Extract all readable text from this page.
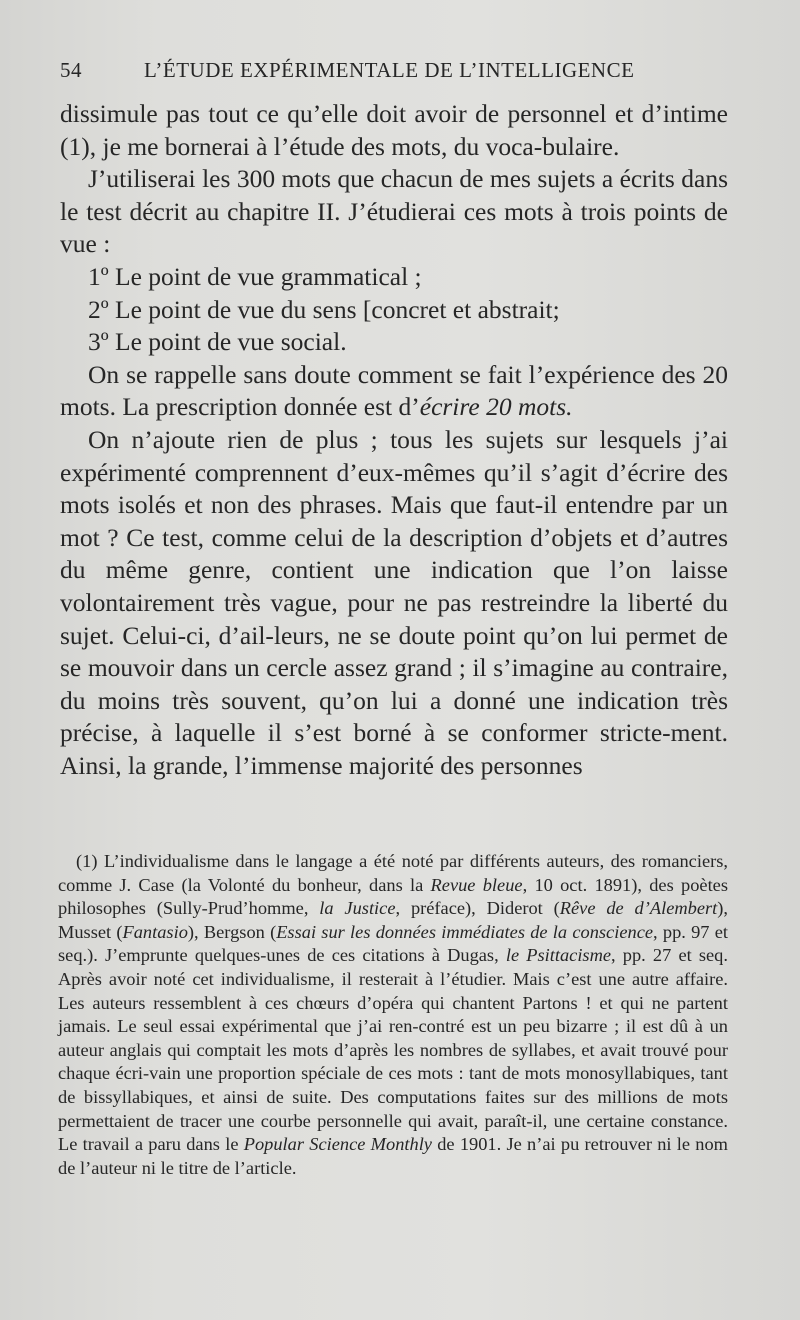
54	L’ÉTUDE EXPÉRIMENTALE DE L’INTELLIGENCE

dissimule pas tout ce qu’elle doit avoir de personnel et d’intime (1), je me bornerai à l’étude des mots, du voca-bulaire.

J’utiliserai les 300 mots que chacun de mes sujets a écrits dans le test décrit au chapitre II. J’étudierai ces mots à trois points de vue :

1º Le point de vue grammatical ;

2º Le point de vue du sens [concret et abstrait;

3º Le point de vue social.

On se rappelle sans doute comment se fait l’expérience des 20 mots. La prescription donnée est d’écrire 20 mots.

On n’ajoute rien de plus ; tous les sujets sur lesquels j’ai expérimenté comprennent d’eux-mêmes qu’il s’agit d’écrire des mots isolés et non des phrases. Mais que faut-il entendre par un mot ? Ce test, comme celui de la description d’objets et d’autres du même genre, contient une indication que l’on laisse volontairement très vague, pour ne pas restreindre la liberté du sujet. Celui-ci, d’ail-leurs, ne se doute point qu’on lui permet de se mouvoir dans un cercle assez grand ; il s’imagine au contraire, du moins très souvent, qu’on lui a donné une indication très précise, à laquelle il s’est borné à se conformer stricte-ment. Ainsi, la grande, l’immense majorité des personnes

(1) L’individualisme dans le langage a été noté par différents auteurs, des romanciers, comme J. Case (la Volonté du bonheur, dans la Revue bleue, 10 oct. 1891), des poètes philosophes (Sully-Prud’homme, la Justice, préface), Diderot (Rêve de d’Alembert), Musset (Fantasio), Bergson (Essai sur les données immédiates de la conscience, pp. 97 et seq.). J’emprunte quelques-unes de ces citations à Dugas, le Psittacisme, pp. 27 et seq. Après avoir noté cet individualisme, il resterait à l’étudier. Mais c’est une autre affaire. Les auteurs ressemblent à ces chœurs d’opéra qui chantent Partons ! et qui ne partent jamais. Le seul essai expérimental que j’ai ren-contré est un peu bizarre ; il est dû à un auteur anglais qui comptait les mots d’après les nombres de syllabes, et avait trouvé pour chaque écri-vain une proportion spéciale de ces mots : tant de mots monosyllabiques, tant de bissyllabiques, et ainsi de suite. Des computations faites sur des millions de mots permettaient de tracer une courbe personnelle qui avait, paraît-il, une certaine constance. Le travail a paru dans le Popular Science Monthly de 1901. Je n’ai pu retrouver ni le nom de l’auteur ni le titre de l’article.
